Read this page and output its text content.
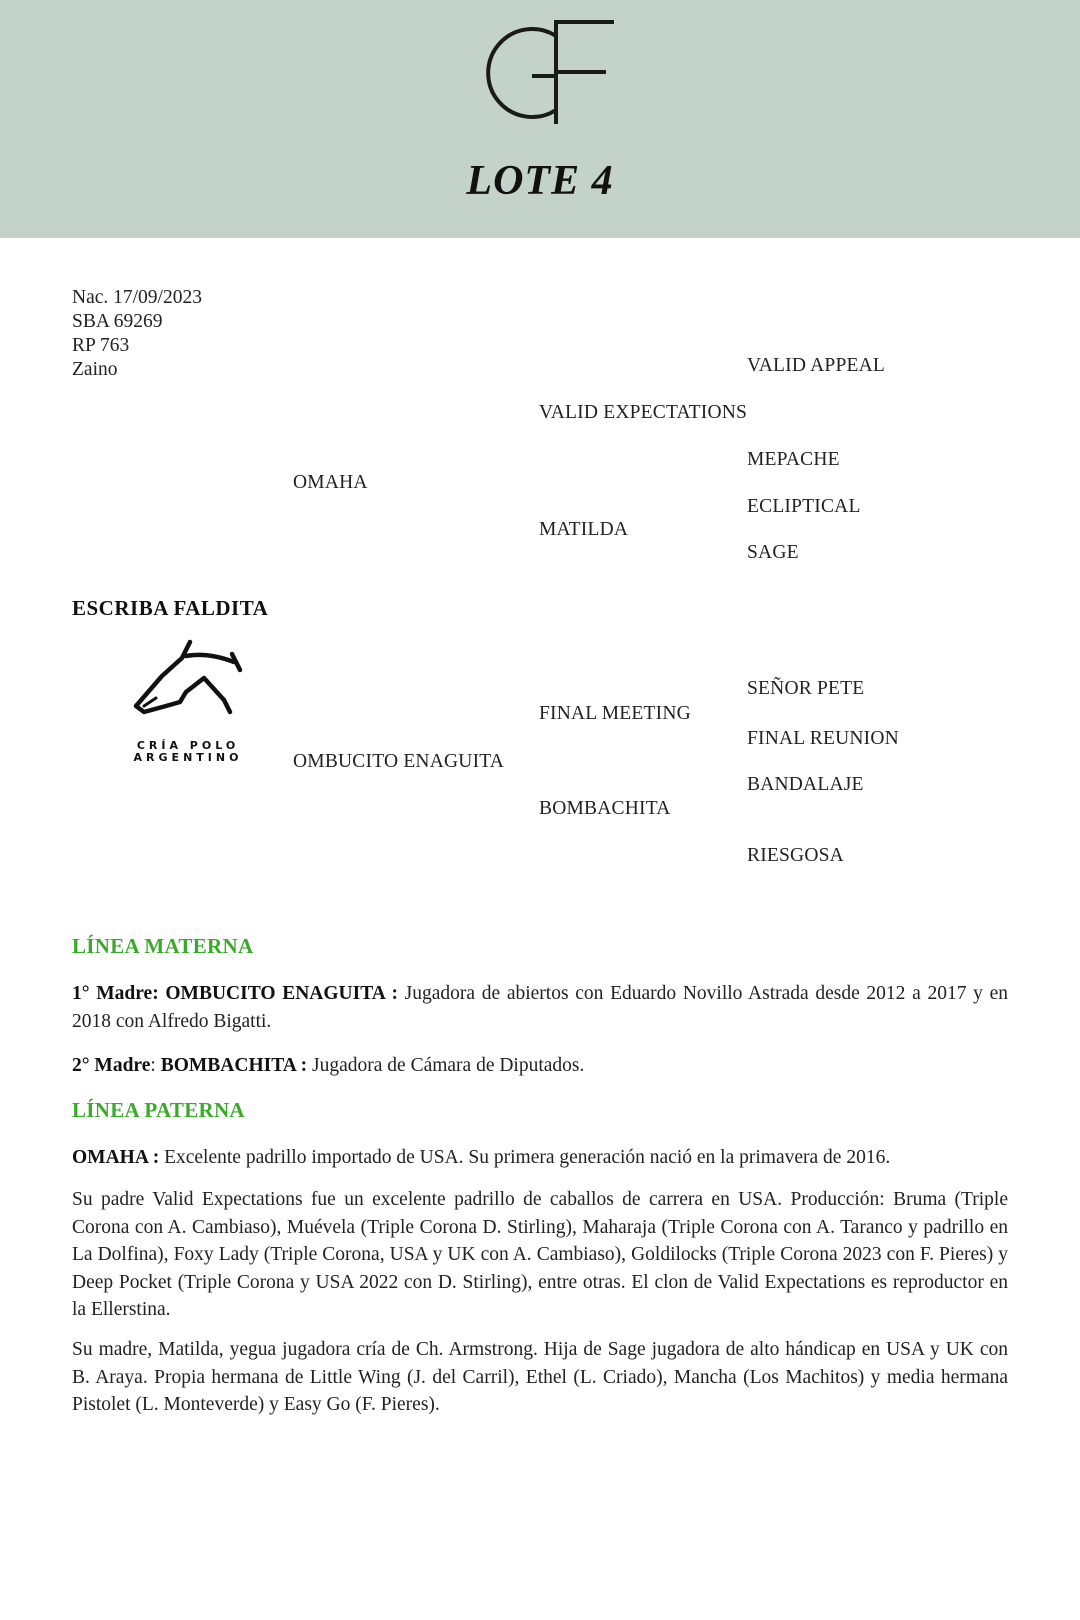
LOTE 4
Nac. 17/09/2023
SBA 69269
RP 763
Zaino	VALID APPEAL
VALID EXPECTATIONS
MEPACHE
OMAHA
ECLIPTICAL
MATILDA
SAGE
ESCRIBA FALDITA
CRÍA POLO
ARGENTINO
SEÑOR PETE
FINAL MEETING
FINAL REUNION
OMBUCITO ENAGUITA
BANDALAJE
BOMBACHITA
RIESGOSA
LÍNEA MATERNA
1° Madre: OMBUCITO ENAGUITA : Jugadora de abiertos con Eduardo Novillo Astrada desde 2012 a 2017 y en 2018 con Alfredo Bigatti.
2° Madre: BOMBACHITA : Jugadora de Cámara de Diputados.
LÍNEA PATERNA
OMAHA : Excelente padrillo importado de USA. Su primera generación nació en la primavera de 2016.
Su padre Valid Expectations fue un excelente padrillo de caballos de carrera en USA. Producción: Bruma (Triple Corona con A. Cambiaso), Muévela (Triple Corona D. Stirling), Maharaja (Triple Corona con A. Taranco y padrillo en La Dolfina), Foxy Lady (Triple Corona, USA y UK con A. Cambiaso), Goldilocks (Triple Corona 2023 con F. Pieres) y Deep Pocket (Triple Corona y USA 2022 con D. Stirling), entre otras. El clon de Valid Expectations es reproductor en la Ellerstina.
Su madre, Matilda, yegua jugadora cría de Ch. Armstrong. Hija de Sage jugadora de alto hándicap en USA y UK con B. Araya. Propia hermana de Little Wing (J. del Carril), Ethel (L. Criado), Mancha (Los Machitos) y media hermana Pistolet (L. Monteverde) y Easy Go (F. Pieres).
